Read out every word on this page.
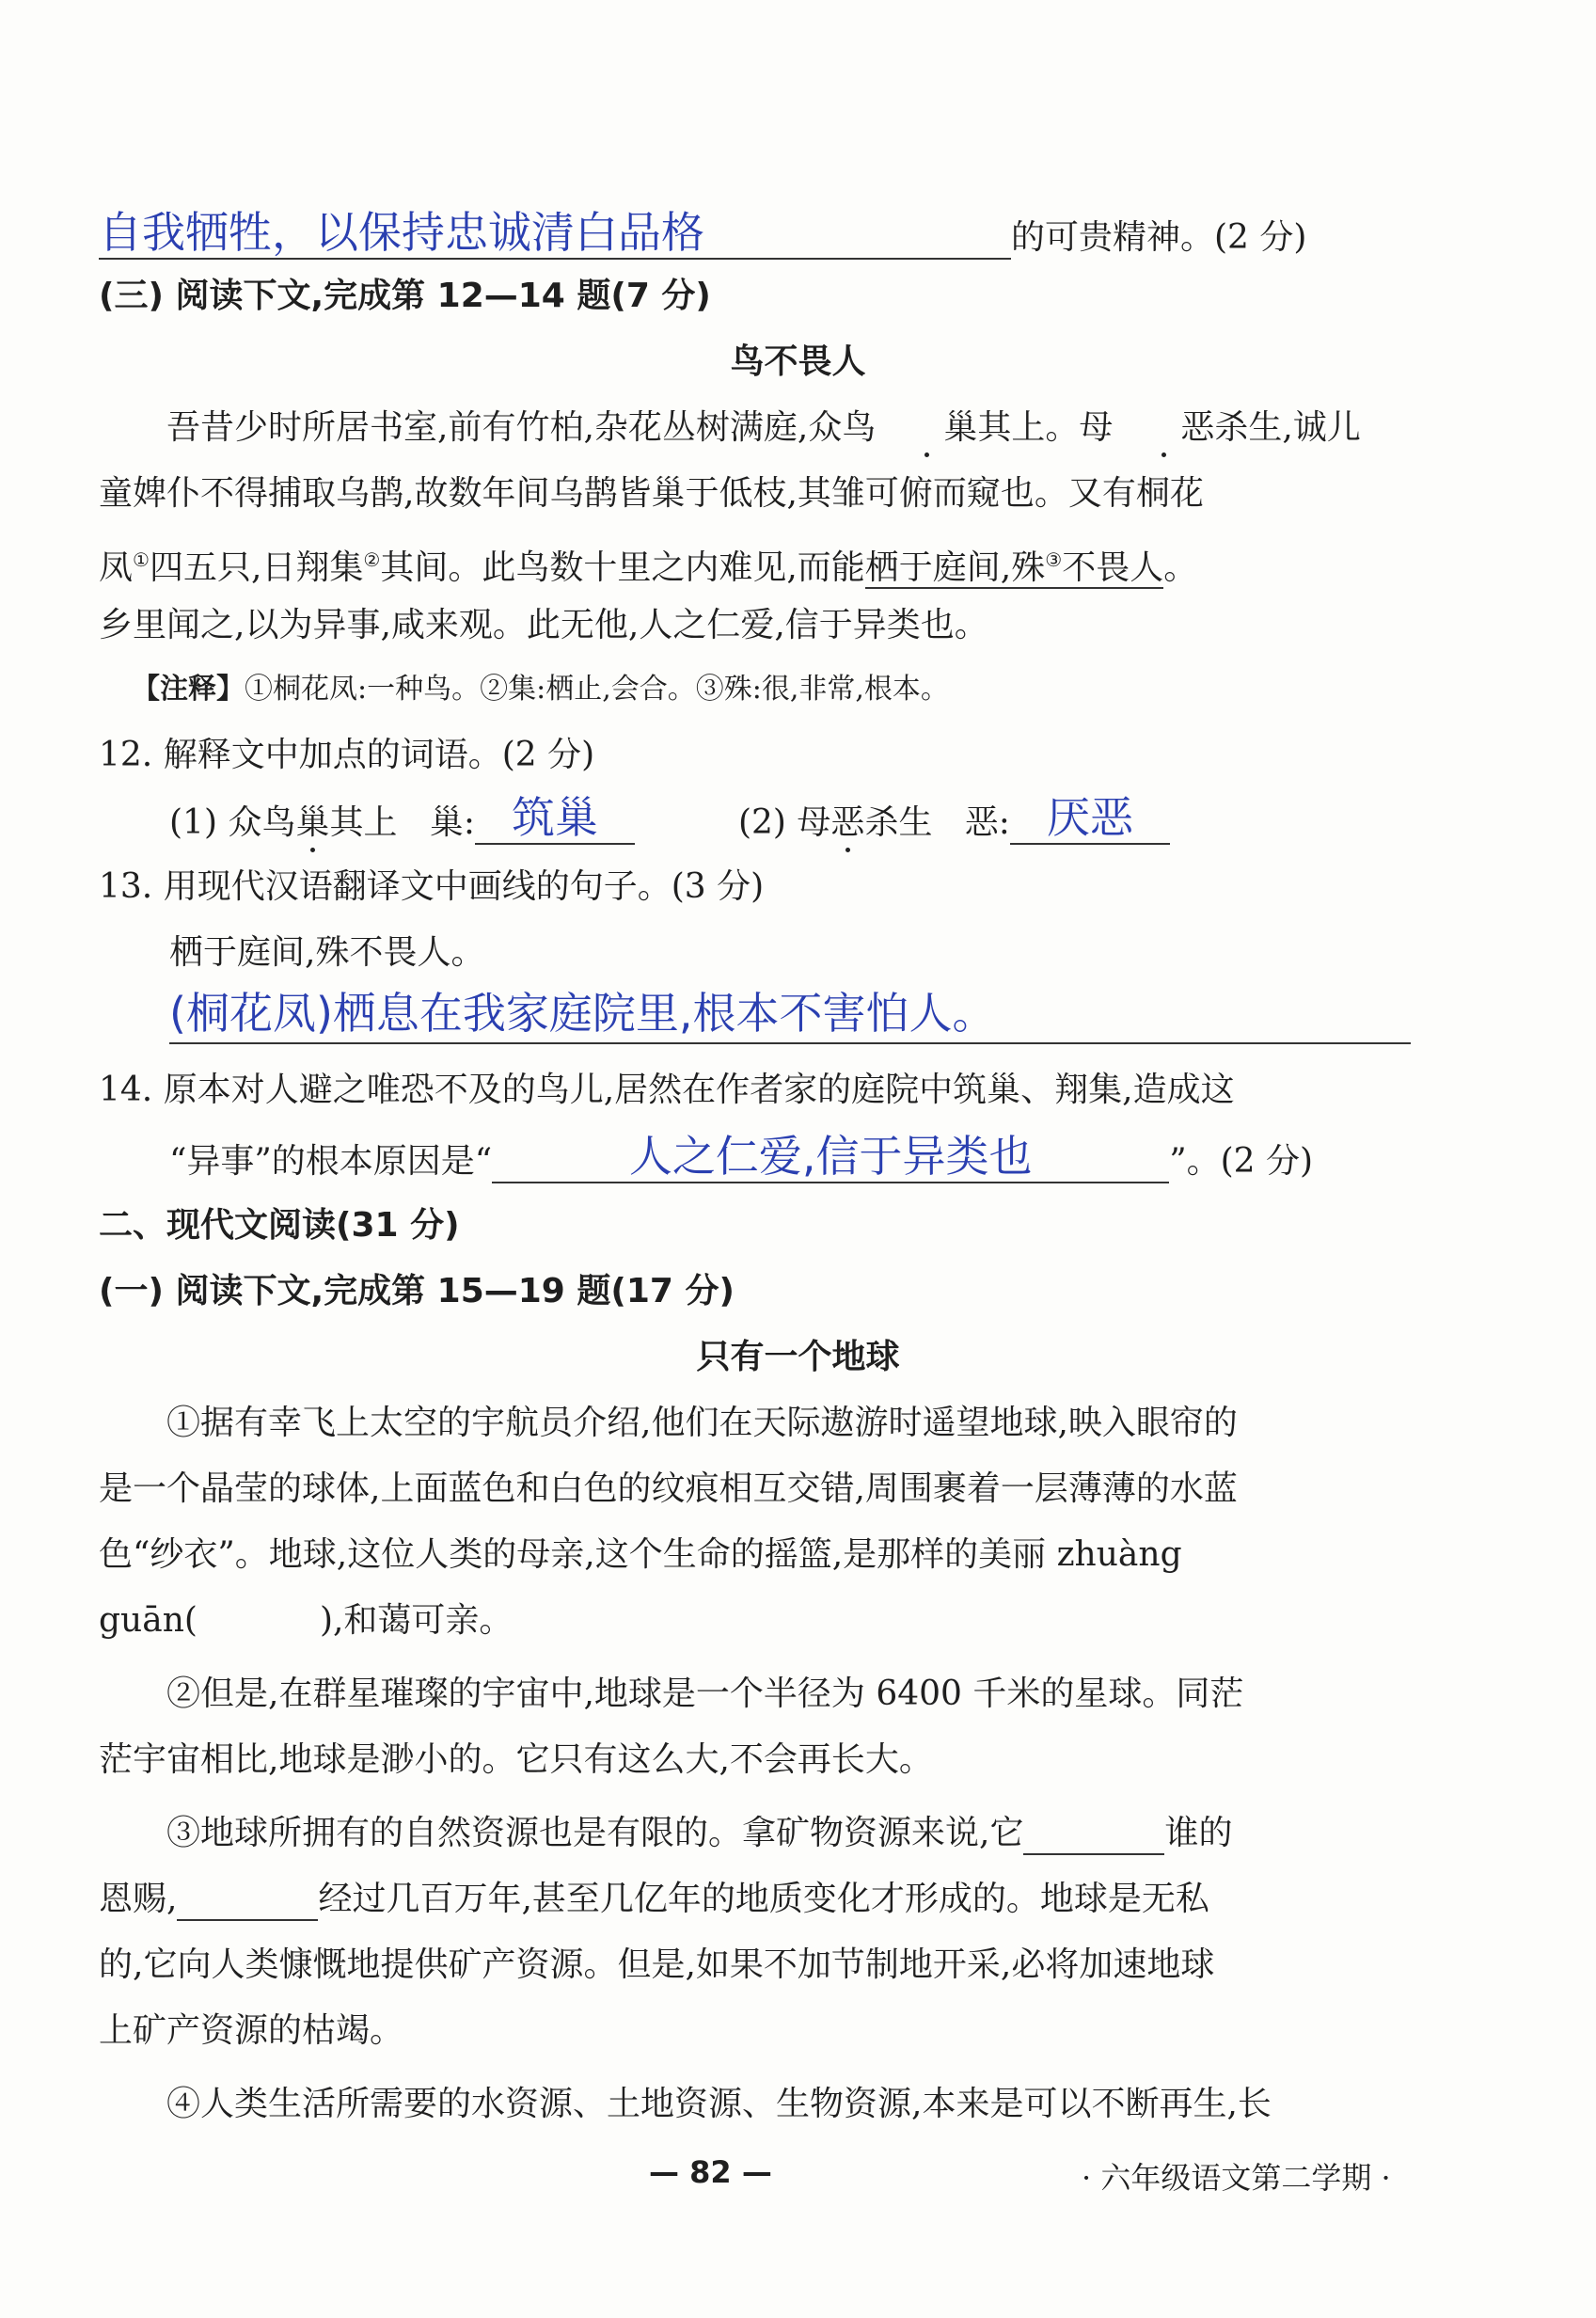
自我牺牲，以保持忠诚清白品格	的可贵精神。(2 分)
(三) 阅读下文,完成第 12—14 题(7 分)
鸟不畏人
吾昔少时所居书室,前有竹柏,杂花丛树满庭,众鸟 巢其上。母 恶杀生,诚儿
童婢仆不得捕取乌鹊,故数年间乌鹊皆巢于低枝,其雏可俯而窥也。又有桐花
凤①四五只,日翔集②其间。此鸟数十里之内难见,而能栖于庭间,殊③不畏人。
乡里闻之,以为异事,咸来观。此无他,人之仁爱,信于异类也。
【注释】①桐花凤:一种鸟。②集:栖止,会合。③殊:很,非常,根本。
12. 解释文中加点的词语。(2 分)
(1) 众鸟巢其上 巢: 筑巢	(2) 母恶杀生 恶: 厌恶
13. 用现代汉语翻译文中画线的句子。(3 分)
栖于庭间,殊不畏人。
(桐花凤)栖息在我家庭院里,根本不害怕人。
14. 原本对人避之唯恐不及的鸟儿,居然在作者家的庭院中筑巢、翔集,造成这
“异事”的根本原因是“	人之仁爱,信于异类也	”。(2 分)
二、现代文阅读(31 分)
(一) 阅读下文,完成第 15—19 题(17 分)
只有一个地球
①据有幸飞上太空的宇航员介绍,他们在天际遨游时遥望地球,映入眼帘的
是一个晶莹的球体,上面蓝色和白色的纹痕相互交错,周围裹着一层薄薄的水蓝
色“纱衣”。地球,这位人类的母亲,这个生命的摇篮,是那样的美丽 zhuàng
guān(	),和蔼可亲。
②但是,在群星璀璨的宇宙中,地球是一个半径为 6400 千米的星球。同茫
茫宇宙相比,地球是渺小的。它只有这么大,不会再长大。
③地球所拥有的自然资源也是有限的。拿矿物资源来说,它	谁的
恩赐,	经过几百万年,甚至几亿年的地质变化才形成的。地球是无私
的,它向人类慷慨地提供矿产资源。但是,如果不加节制地开采,必将加速地球
上矿产资源的枯竭。
④人类生活所需要的水资源、土地资源、生物资源,本来是可以不断再生,长
— 82 —	· 六年级语文第二学期 ·
